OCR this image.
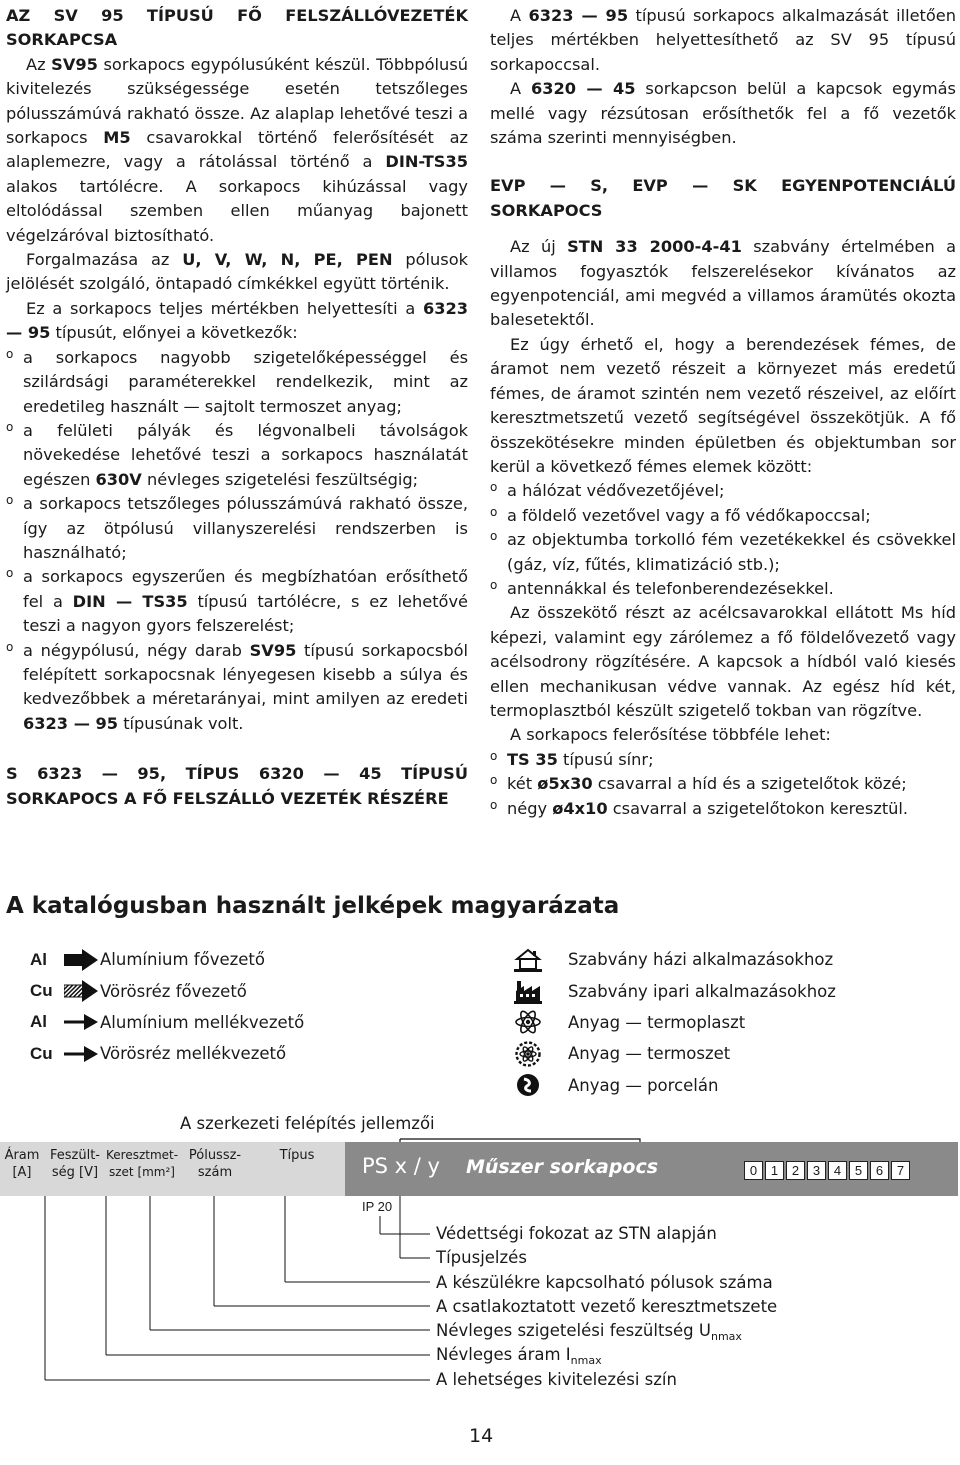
AZ SV 95 TÍPUSÚ FŐ FELSZÁLLÓVEZETÉK SORKAPCSA

Az SV95 sorkapocs egypólusúként készül. Többpólusú kivitelezés szükségessége esetén tetszőleges pólusszámúvá rakható össze. Az alaplap lehetővé teszi a sorkapocs M5 csavarokkal történő felerősítését az alaplemezre, vagy a rátolással történő a DIN-TS35 alakos tartólécre. A sorkapocs kihúzással vagy eltolódással szemben ellen műanyag bajonett végelzáróval biztosítható.

Forgalmazása az U, V, W, N, PE, PEN pólusok jelölését szolgáló, öntapadó címkékkel együtt történik.

Ez a sorkapocs teljes mértékben helyettesíti a 6323 — 95 típusút, előnyei a következők:

o a sorkapocs nagyobb szigetelőképességgel és szilárdsági paraméterekkel rendelkezik, mint az eredetileg használt — sajtolt termoszet anyag;

o a felületi pályák és légvonalbeli távolságok növekedése lehetővé teszi a sorkapocs használatát egészen 630V névleges szigetelési feszültségig;

o a sorkapocs tetszőleges pólusszámúvá rakható össze, így az ötpólusú villanyszerelési rendszerben is használható;

o a sorkapocs egyszerűen és megbízhatóan erősíthető fel a DIN — TS35 típusú tartólécre, s ez lehetővé teszi a nagyon gyors felszerelést;

o a négypólusú, négy darab SV95 típusú sorkapocsból felépített sorkapocsnak lényegesen kisebb a súlya és kedvezőbbek a méretarányai, mint amilyen az eredeti 6323 — 95 típusúnak volt.

S 6323 — 95, TÍPUS 6320 — 45 TÍPUSÚ SORKAPOCS A FŐ FELSZÁLLÓ VEZETÉK RÉSZÉRE

A 6323 — 95 típusú sorkapocs alkalmazását illetően teljes mértékben helyettesíthető az SV 95 típusú sorkapoccsal.

A 6320 — 45 sorkapcson belül a kapcsok egymás mellé vagy rézsútosan erősíthetők fel a fő vezetők száma szerinti mennyiségben.

EVP — S, EVP — SK EGYENPOTENCIÁLÚ SORKAPOCS

Az új STN 33 2000-4-41 szabvány értelmében a villamos fogyasztók felszerelésekor kívánatos az egyenpotenciál, ami megvéd a villamos áramütés okozta balesetektől.

Ez úgy érhető el, hogy a berendezések fémes, de áramot nem vezető részeit a környezet más eredetű fémes, de áramot szintén nem vezető részeivel, az előírt keresztmetszetű vezető segítségével összekötjük. A fő összekötésekre minden épületben és objektumban sor kerül a következő fémes elemek között:

o a hálózat védővezetőjével;

o a földelő vezetővel vagy a fő védőkapoccsal;

o az objektumba torkolló fém vezetékekkel és csövekkel (gáz, víz, fűtés, klimatizáció stb.);

o antennákkal és telefonberendezésekkel.

Az összekötő részt az acélcsavarokkal ellátott Ms híd képezi, valamint egy zárólemez a fő földelővezető vagy acélsodrony rögzítésére. A kapcsok a hídból való kiesés ellen mechanikusan védve vannak. Az egész híd két, termoplasztból készült szigetelő tokban van rögzítve.

A sorkapocs felerősítése többféle lehet:

o TS 35 típusú sínr;

o két ø5x30 csavarral a híd és a szigetelőtok közé;

o négy ø4x10 csavarral a szigetelőtokon keresztül.

A katalógusban használt jelképek magyarázata
Al	Alumínium fővezető
Cu	Vörösréz fővezető
Al	Alumínium mellékvezető
Cu	Vörösréz mellékvezető
Szabvány házi alkalmazásokhoz
Szabvány ipari alkalmazásokhoz
Anyag — termoplaszt
Anyag — termoszet
Anyag — porcelán
A szerkezeti felépítés jellemzői
Áram
[A]
Feszült-
ség [V]
Keresztmet-
szet [mm²]
Pólussz-
szám
Típus	PS x / y Műszer sorkapocs	0	1	2	3	4	5	6	7
IP 20
Védettségi fokozat az STN alapján
Típusjelzés
A készülékre kapcsolható pólusok száma
A csatlakoztatott vezető keresztmetszete
Névleges szigetelési feszültség $U_{nmax}$
Névleges áram $I_{nmax}$
A lehetséges kivitelezési szín
14
